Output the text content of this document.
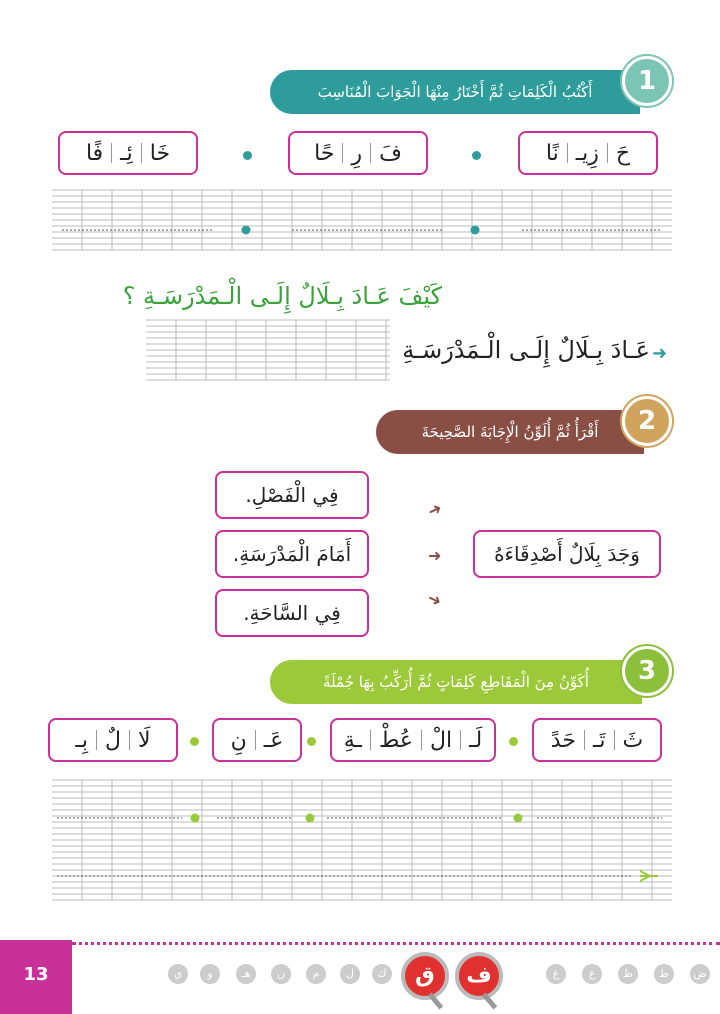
أَكْتُبُ الْكَلِمَاتِ ثُمَّ أَخْتَارُ مِنْهَا الْجَوَابَ الْمُنَاسِبَ	1
حَ
زِيـ
نًا
فَ
رِ
حًا
خَا
ئِـ
فًا
كَيْفَ عَـادَ بِـلَالٌ إِلَـى الْـمَدْرَسَـةِ ؟
عَـادَ بِـلَالٌ إِلَـى الْـمَدْرَسَـةِ ➜
أَقْرَأُ ثُمَّ أُلَوِّنُ الْإِجَابَةَ الصَّحِيحَةَ	2
فِي الْفَصْلِ.
أَمَامَ الْمَدْرَسَةِ.
فِي السَّاحَةِ.
➜
➜
➜
وَجَدَ بِلَالٌ أَصْدِقَاءَهُ
أُكَوِّنُ مِنَ الْمَقَاطِعِ كَلِمَاتٍ ثُمَّ أُرَكِّبُ بِهَا جُمْلَةً	3
ثَ
تَـ
حَدً
لَـ
الْ
عُطْ
ـةِ
عَـ
نِ
لَا
لٌ
بِـ
13	ض
ط
ظ
ع
غ
ف
ق
ك
ل
م
ن
هـ
و
ي
